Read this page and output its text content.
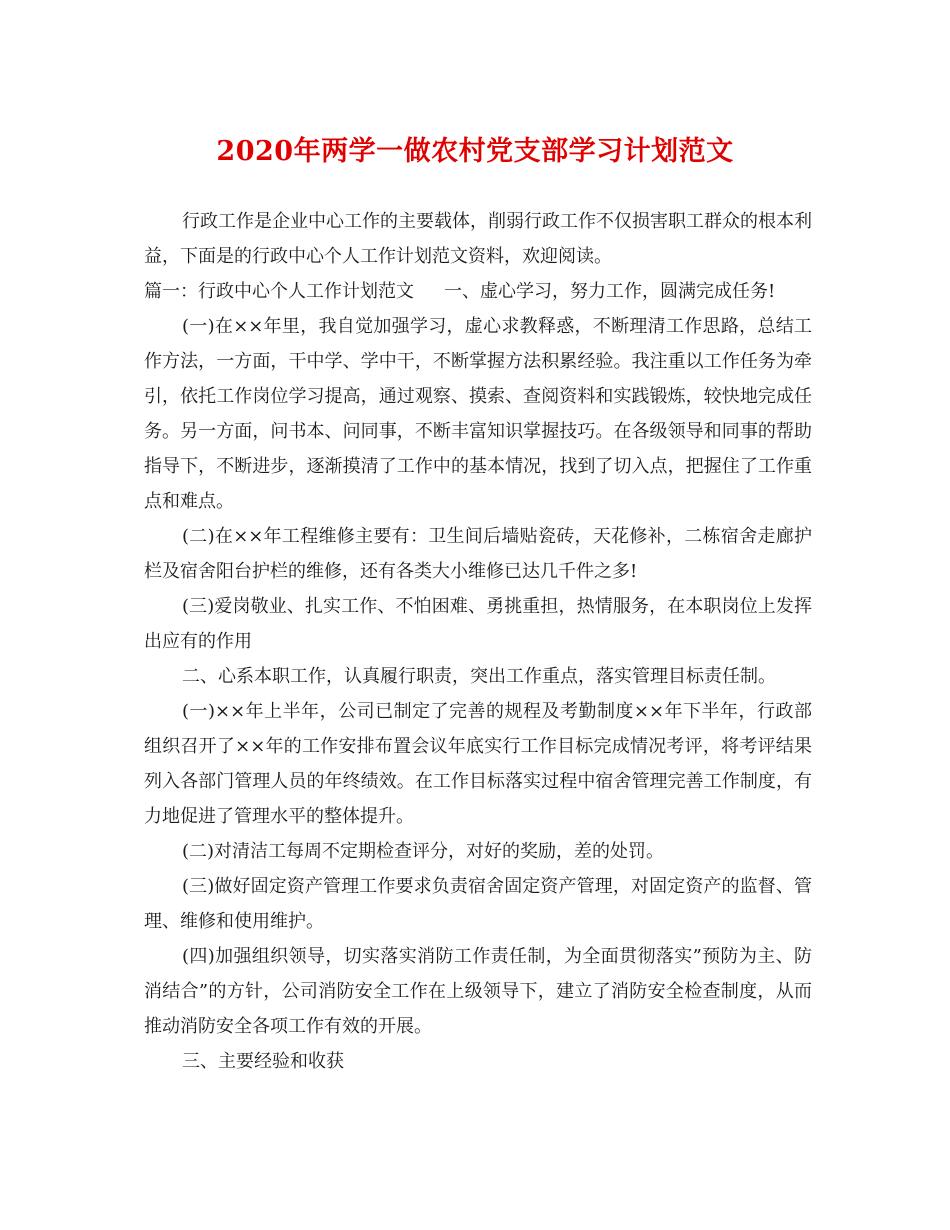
2020年两学一做农村党支部学习计划范文

行政工作是企业中心工作的主要载体，削弱行政工作不仅损害职工群众的根本利益，下面是的行政中心个人工作计划范文资料，欢迎阅读。

篇一：行政中心个人工作计划范文 一、虚心学习，努力工作，圆满完成任务!

(一)在××年里，我自觉加强学习，虚心求教释惑，不断理清工作思路，总结工作方法，一方面，干中学、学中干，不断掌握方法积累经验。我注重以工作任务为牵引，依托工作岗位学习提高，通过观察、摸索、查阅资料和实践锻炼，较快地完成任务。另一方面，问书本、问同事，不断丰富知识掌握技巧。在各级领导和同事的帮助指导下，不断进步，逐渐摸清了工作中的基本情况，找到了切入点，把握住了工作重点和难点。

(二)在××年工程维修主要有：卫生间后墙贴瓷砖，天花修补，二栋宿舍走廊护栏及宿舍阳台护栏的维修，还有各类大小维修已达几千件之多!

(三)爱岗敬业、扎实工作、不怕困难、勇挑重担，热情服务，在本职岗位上发挥出应有的作用

二、心系本职工作，认真履行职责，突出工作重点，落实管理目标责任制。

(一)××年上半年，公司已制定了完善的规程及考勤制度××年下半年，行政部组织召开了××年的工作安排布置会议年底实行工作目标完成情况考评，将考评结果列入各部门管理人员的年终绩效。在工作目标落实过程中宿舍管理完善工作制度，有力地促进了管理水平的整体提升。

(二)对清洁工每周不定期检查评分，对好的奖励，差的处罚。

(三)做好固定资产管理工作要求负责宿舍固定资产管理，对固定资产的监督、管理、维修和使用维护。

(四)加强组织领导，切实落实消防工作责任制，为全面贯彻落实”预防为主、防消结合”的方针，公司消防安全工作在上级领导下，建立了消防安全检查制度，从而推动消防安全各项工作有效的开展。

三、主要经验和收获
